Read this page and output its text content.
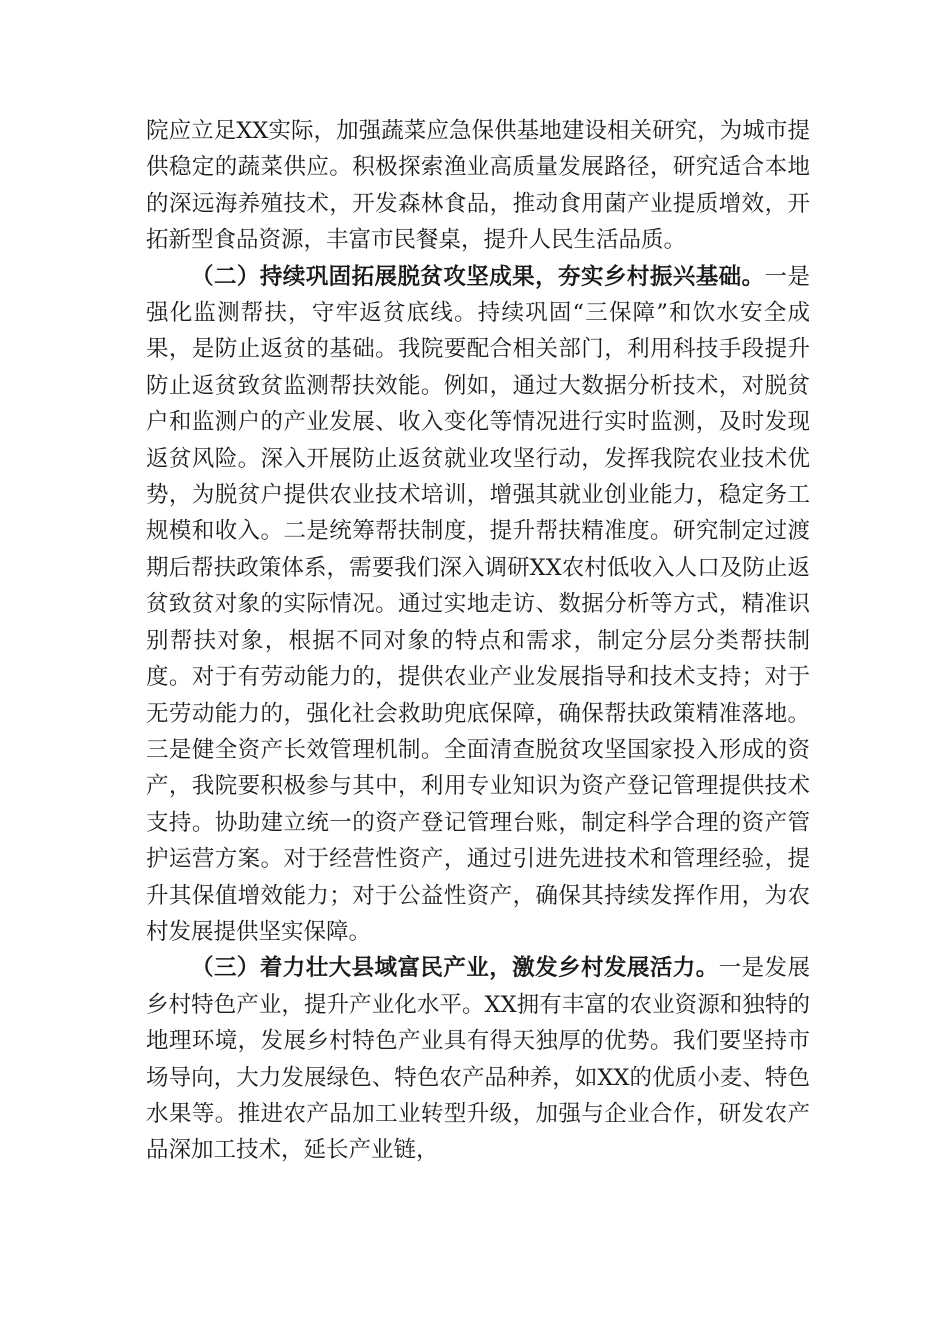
院应立足XX实际，加强蔬菜应急保供基地建设相关研究，为城市提供稳定的蔬菜供应。积极探索渔业高质量发展路径，研究适合本地的深远海养殖技术，开发森林食品，推动食用菌产业提质增效，开拓新型食品资源，丰富市民餐桌，提升人民生活品质。

（二）持续巩固拓展脱贫攻坚成果，夯实乡村振兴基础。一是强化监测帮扶，守牢返贫底线。持续巩固“三保障”和饮水安全成果，是防止返贫的基础。我院要配合相关部门，利用科技手段提升防止返贫致贫监测帮扶效能。例如，通过大数据分析技术，对脱贫户和监测户的产业发展、收入变化等情况进行实时监测，及时发现返贫风险。深入开展防止返贫就业攻坚行动，发挥我院农业技术优势，为脱贫户提供农业技术培训，增强其就业创业能力，稳定务工规模和收入。二是统筹帮扶制度，提升帮扶精准度。研究制定过渡期后帮扶政策体系，需要我们深入调研XX农村低收入人口及防止返贫致贫对象的实际情况。通过实地走访、数据分析等方式，精准识别帮扶对象，根据不同对象的特点和需求，制定分层分类帮扶制度。对于有劳动能力的，提供农业产业发展指导和技术支持；对于无劳动能力的，强化社会救助兜底保障，确保帮扶政策精准落地。三是健全资产长效管理机制。全面清查脱贫攻坚国家投入形成的资产，我院要积极参与其中，利用专业知识为资产登记管理提供技术支持。协助建立统一的资产登记管理台账，制定科学合理的资产管护运营方案。对于经营性资产，通过引进先进技术和管理经验，提升其保值增效能力；对于公益性资产，确保其持续发挥作用，为农村发展提供坚实保障。

（三）着力壮大县域富民产业，激发乡村发展活力。一是发展乡村特色产业，提升产业化水平。XX拥有丰富的农业资源和独特的地理环境，发展乡村特色产业具有得天独厚的优势。我们要坚持市场导向，大力发展绿色、特色农产品种养，如XX的优质小麦、特色水果等。推进农产品加工业转型升级，加强与企业合作，研发农产品深加工技术，延长产业链，
